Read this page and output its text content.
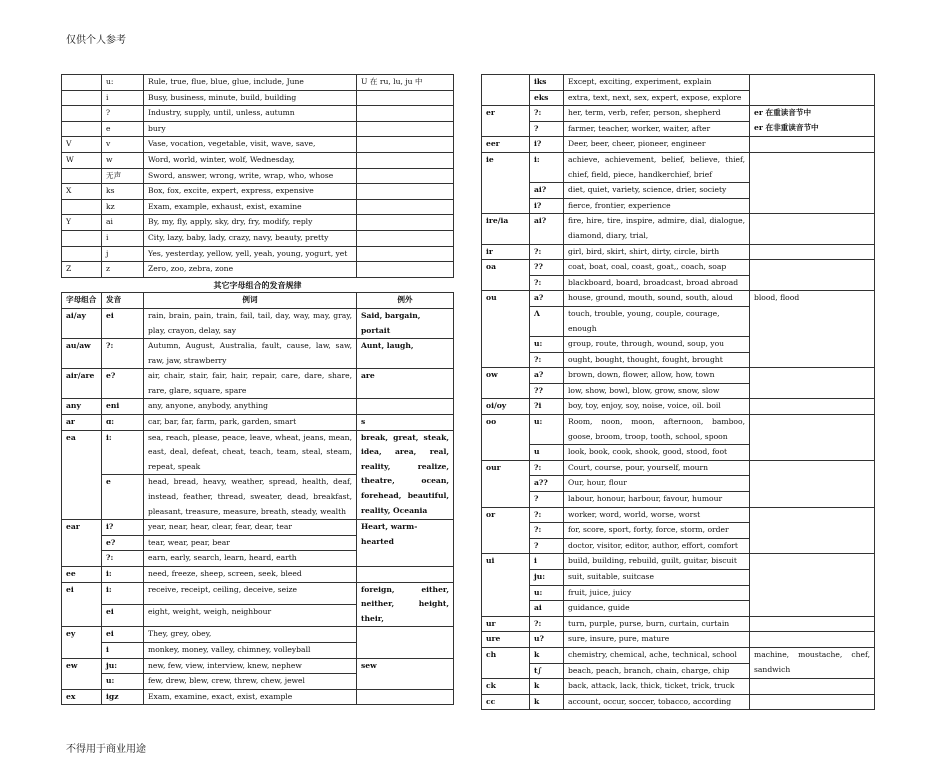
仅供个人参考
	u:	Rule, true, flue, blue, glue, include, June	U 在 ru, lu, ju 中
	i	Busy, business, minute, build, building	
	?	Industry, supply, until, unless, autumn	
	e	bury	
V	v	Vase, vocation, vegetable, visit, wave, save,	
W	w	Word, world, winter, wolf, Wednesday,	
	无声	Sword, answer, wrong, write, wrap, who, whose	
X	ks	Box, fox, excite, expert, express, expensive	
	kz	Exam, example, exhaust, exist, examine	
Y	ai	By, my, fly, apply, sky, dry, fry, modify, reply	
	i	City, lazy, baby, lady, crazy, navy, beauty, pretty	
	j	Yes, yesterday, yellow, yell, yeah, young, yogurt, yet	
Z	z	Zero, zoo, zebra, zone	
其它字母组合的发音规律			
字母组合	发音	例词	例外
ai/ay	ei	rain, brain, pain, train, fail, tail, day, way, may, gray, play, crayon, delay, say	Said, bargain, portait
au/aw	?:	Autumn, August, Australia, fault, cause, law, saw, raw, jaw, strawberry	Aunt, laugh,
air/are	e?	air, chair, stair, fair, hair, repair, care, dare, share, rare, glare, square, spare	are
any	eni	any, anyone, anybody, anything	
ar	ɑ:	car, bar, far, farm, park, garden, smart	s
ea	i:	sea, reach, please, peace, leave, wheat, jeans, mean, east, deal, defeat, cheat, teach, team, steal, steam, repeat, speak	break, great, steak, idea, area, real, reality, realize, theatre, ocean, forehead, beautiful, reality, Oceania
	e	head, bread, heavy, weather, spread, health, deaf, instead, feather, thread, sweater, dead, breakfast, pleasant, treasure, measure, breath, steady, wealth	
ear	i?	year, near, hear, clear, fear, dear, tear	Heart, warm-hearted
	e?	tear, wear, pear, bear	
	?:	earn, early, search, learn, heard, earth	
ee	i:	need, freeze, sheep, screen, seek, bleed	
ei	i:	receive, receipt, ceiling, deceive, seize	foreign, either, neither, height, their,
	ei	eight, weight, weigh, neighbour	
ey	ei	They, grey, obey,	
	i	monkey, money, valley, chimney, volleyball	
ew	ju:	new, few, view, interview, knew, nephew	sew
	u:	few, drew, blew, crew, threw, chew, jewel	
ex	igz	Exam, examine, exact, exist, example	
	iks	Except, exciting, experiment, explain	
	eks	extra, text, next, sex, expert, expose, explore	
er	?:	her, term, verb, refer, person, shepherd	er 在重读音节中
er 在非重读音节中
	?	farmer, teacher, worker, waiter, after	
eer	i?	Deer, beer, cheer, pioneer, engineer	
ie	i:	achieve, achievement, belief, believe, thief, chief, field, piece, handkerchief, brief	
	ai?	diet, quiet, variety, science, drier, society	
	i?	fierce, frontier, experience	
ire/ia	ai?	fire, hire, tire, inspire, admire, dial, dialogue, diamond, diary, trial,	
ir	?:	girl, bird, skirt, shirt, dirty, circle, birth	
oa	??	coat, boat, coal, coast, goat,, coach, soap	
	?:	blackboard, board, broadcast, broad abroad	
ou	a?	house, ground, mouth, sound, south, aloud	blood, flood
	Λ	touch, trouble, young, couple, courage, enough	
	u:	group, route, through, wound, soup, you	
	?:	ought, bought, thought, fought, brought	
ow	a?	brown, down, flower, allow, how, town	
	??	low, show, bowl, blow, grow, snow, slow	
oi/oy	?i	boy, toy, enjoy, soy, noise, voice, oil. boil	
oo	u:	Room, noon, moon, afternoon, bamboo, goose, broom, troop, tooth, school, spoon	
	u	look, book, cook, shook, good, stood, foot	
our	?:	Court, course, pour, yourself, mourn	
	a??	Our, hour, flour	
	?	labour, honour, harbour, favour, humour	
or	?:	worker, word, world, worse, worst	
	?:	for, score, sport, forty, force, storm, order	
	?	doctor, visitor, editor, author, effort, comfort	
ui	i	build, building, rebuild, guilt, guitar, biscuit	
	ju:	suit, suitable, suitcase	
	u:	fruit, juice, juicy	
	ai	guidance, guide	
ur	?:	turn, purple, purse, burn, curtain, curtain	
ure	u?	sure, insure, pure, mature	
ch	k	chemistry, chemical, ache, technical, school	machine, moustache, chef, sandwich
	t∫	beach, peach, branch, chain, charge, chip	
ck	k	back, attack, lack, thick, ticket, trick, truck	
cc	k	account, occur, soccer, tobacco, according	
不得用于商业用途
